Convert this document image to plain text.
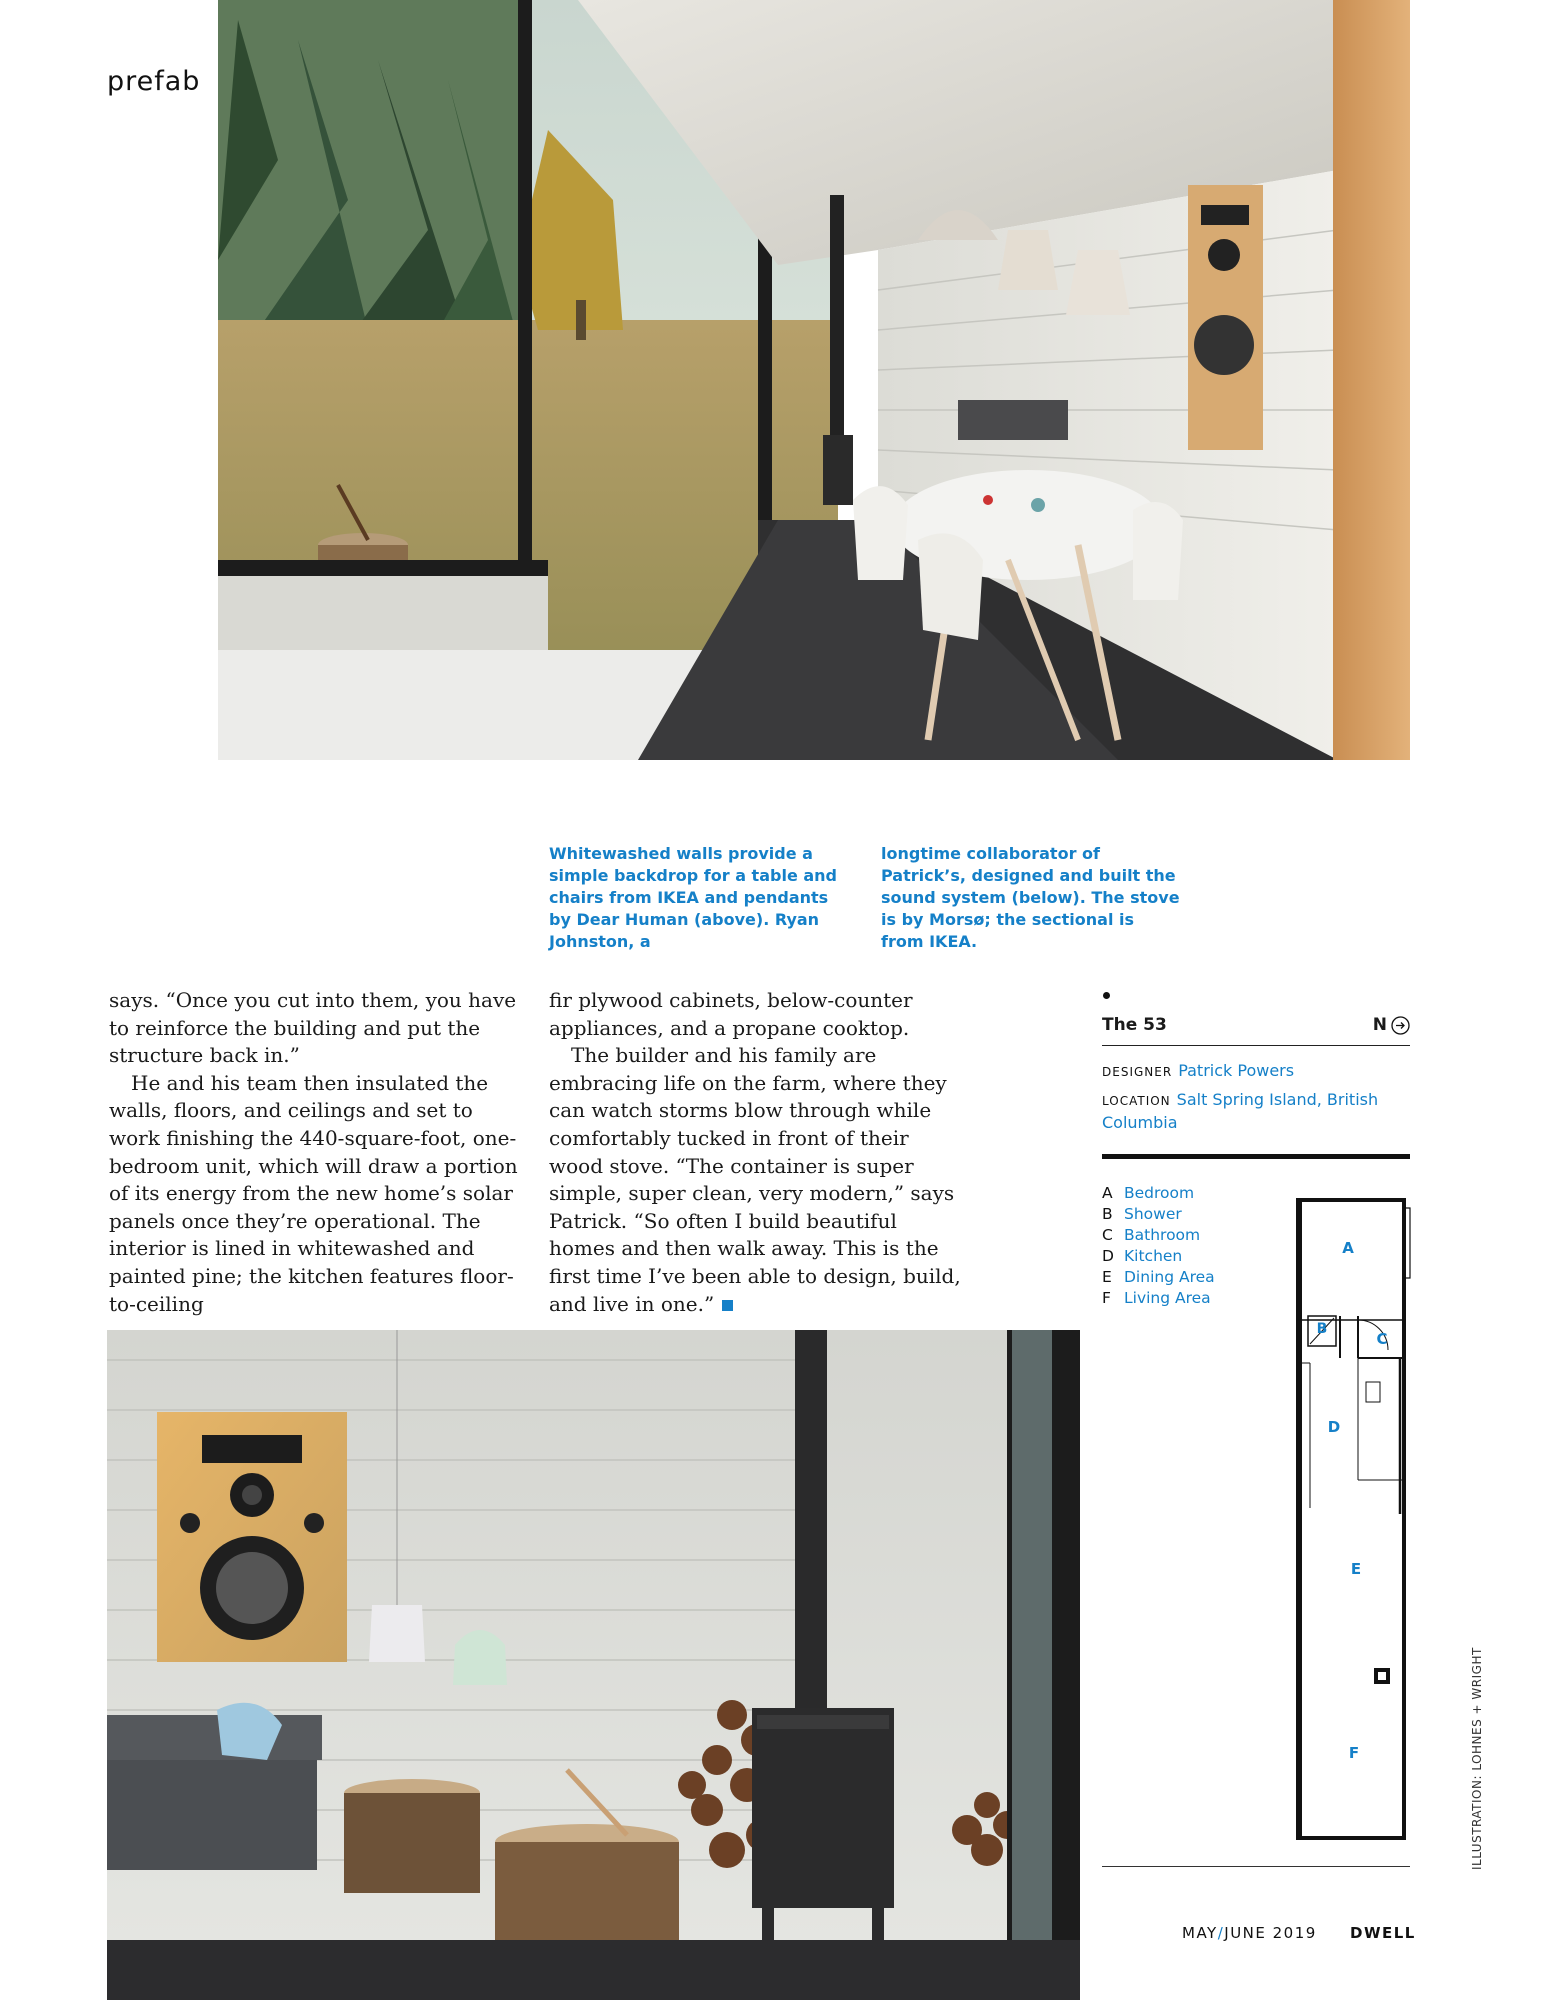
prefab
Whitewashed walls provide a simple backdrop for a table and chairs from IKEA and pendants by Dear Human (above). Ryan Johnston, a
longtime collaborator of Patrick’s, designed and built the sound system (below). The stove is by Morsø; the sectional is from IKEA.

says. “Once you cut into them, you have to reinforce the building and put the structure back in.”

He and his team then insulated the walls, floors, and ceilings and set to work finishing the 440-square-foot, one-bedroom unit, which will draw a portion of its energy from the new home’s solar panels once they’re operational. The interior is lined in whitewashed and painted pine; the kitchen features floor-to-ceiling

fir plywood cabinets, below-counter appliances, and a propane cooktop.

The builder and his family are embracing life on the farm, where they can watch storms blow through while comfortably tucked in front of their wood stove. “The container is super simple, super clean, very modern,” says Patrick. “So often I build beautiful homes and then walk away. This is the first time I’ve been able to design, build, and live in one.”

The 53	N
DESIGNER Patrick Powers
LOCATION Salt Spring Island, British Columbia
A Bedroom
B Shower
C Bathroom
D Kitchen
E Dining Area
F Living Area
A
B
C
D
E
F	ILLUSTRATION: LOHNES + WRIGHT
MAY/JUNE 2019 DWELL
